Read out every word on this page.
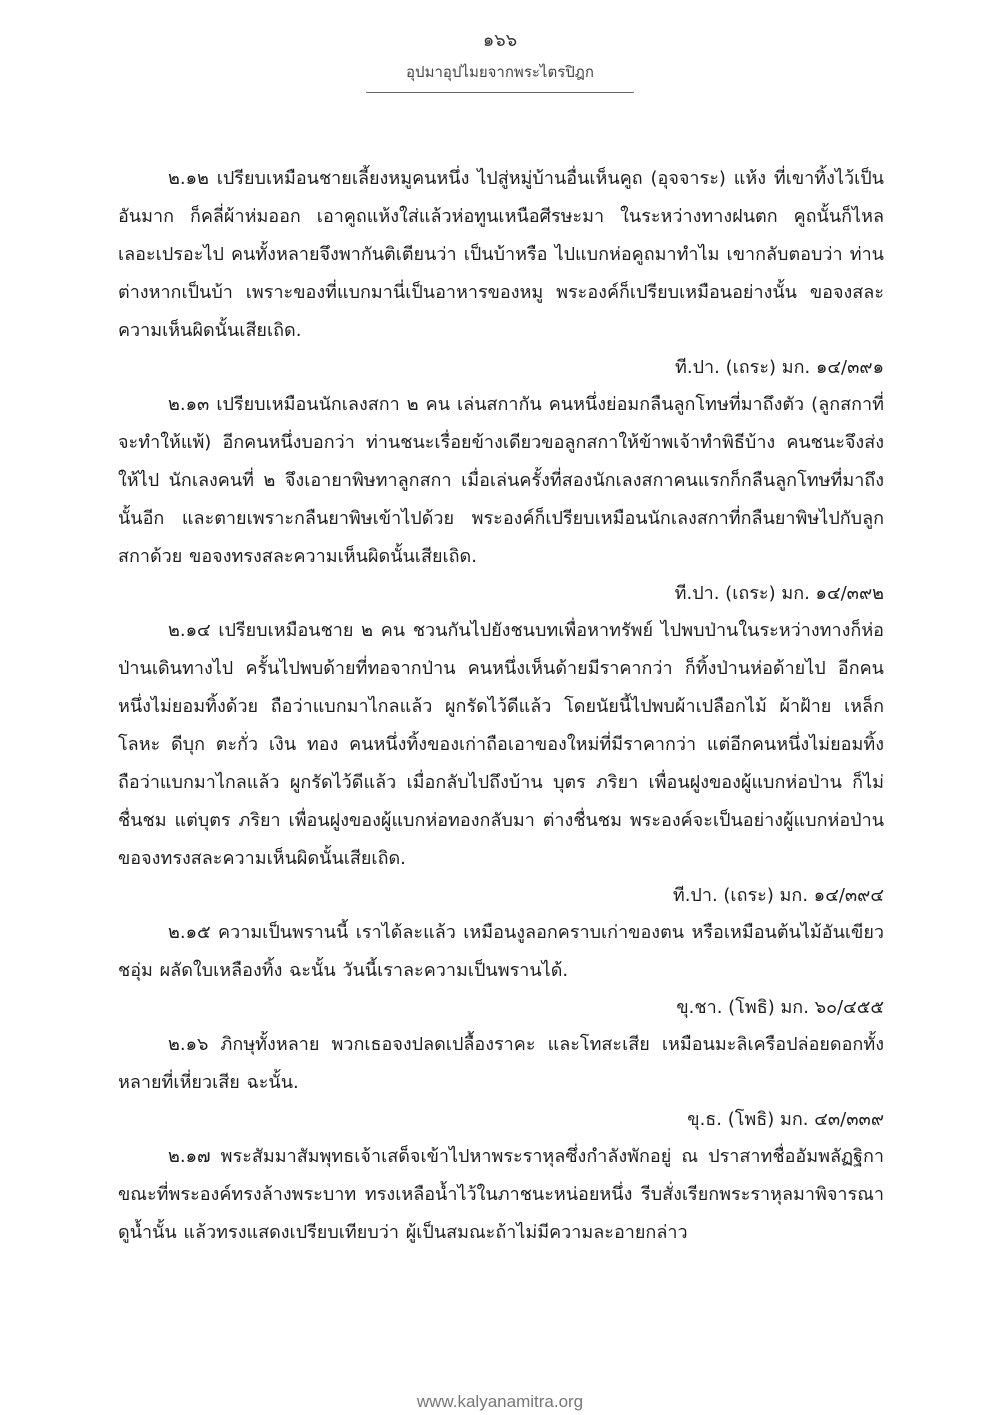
๑๖๖
อุปมาอุปไมยจากพระไตรปิฎก

๒.๑๒ เปรียบเหมือนชายเลี้ยงหมูคนหนึ่ง ไปสู่หมู่บ้านอื่นเห็นคูถ (อุจจาระ) แห้ง ที่เขาทิ้งไว้เป็นอันมาก ก็คลี่ผ้าห่มออก เอาคูถแห้งใส่แล้วห่อทูนเหนือศีรษะมา ในระหว่างทางฝนตก คูถนั้นก็ไหลเลอะเปรอะไป คนทั้งหลายจึงพากันติเตียนว่า เป็นบ้าหรือ ไปแบกห่อคูถมาทำไม เขากลับตอบว่า ท่านต่างหากเป็นบ้า เพราะของที่แบกมานี่เป็นอาหารของหมู พระองค์ก็เปรียบเหมือนอย่างนั้น ขอจงสละความเห็นผิดนั้นเสียเถิด.

ที.ปา. (เถระ) มก. ๑๔/๓๙๑

๒.๑๓ เปรียบเหมือนนักเลงสกา ๒ คน เล่นสกากัน คนหนึ่งย่อมกลืนลูกโทษที่มาถึงตัว (ลูกสกาที่จะทำให้แพ้) อีกคนหนึ่งบอกว่า ท่านชนะเรื่อยข้างเดียวขอลูกสกาให้ข้าพเจ้าทำพิธีบ้าง คนชนะจึงส่งให้ไป นักเลงคนที่ ๒ จึงเอายาพิษทาลูกสกา เมื่อเล่นครั้งที่สองนักเลงสกาคนแรกก็กลืนลูกโทษที่มาถึงนั้นอีก และตายเพราะกลืนยาพิษเข้าไปด้วย พระองค์ก็เปรียบเหมือนนักเลงสกาที่กลืนยาพิษไปกับลูกสกาด้วย ขอจงทรงสละความเห็นผิดนั้นเสียเถิด.

ที.ปา. (เถระ) มก. ๑๔/๓๙๒

๒.๑๔ เปรียบเหมือนชาย ๒ คน ชวนกันไปยังชนบทเพื่อหาทรัพย์ ไปพบป่านในระหว่างทางก็ห่อป่านเดินทางไป ครั้นไปพบด้ายที่ทอจากป่าน คนหนึ่งเห็นด้ายมีราคากว่า ก็ทิ้งป่านห่อด้ายไป อีกคนหนึ่งไม่ยอมทิ้งด้วย ถือว่าแบกมาไกลแล้ว ผูกรัดไว้ดีแล้ว โดยนัยนี้ไปพบผ้าเปลือกไม้ ผ้าฝ้าย เหล็ก โลหะ ดีบุก ตะกั่ว เงิน ทอง คนหนึ่งทิ้งของเก่าถือเอาของใหม่ที่มีราคากว่า แต่อีกคนหนึ่งไม่ยอมทิ้งถือว่าแบกมาไกลแล้ว ผูกรัดไว้ดีแล้ว เมื่อกลับไปถึงบ้าน บุตร ภริยา เพื่อนฝูงของผู้แบกห่อป่าน ก็ไม่ชื่นชม แต่บุตร ภริยา เพื่อนฝูงของผู้แบกห่อทองกลับมา ต่างชื่นชม พระองค์จะเป็นอย่างผู้แบกห่อป่าน ขอจงทรงสละความเห็นผิดนั้นเสียเถิด.

ที.ปา. (เถระ) มก. ๑๔/๓๙๔

๒.๑๕ ความเป็นพรานนี้ เราได้ละแล้ว เหมือนงูลอกคราบเก่าของตน หรือเหมือนต้นไม้อันเขียวชอุ่ม ผลัดใบเหลืองทิ้ง ฉะนั้น วันนี้เราละความเป็นพรานได้.

ขุ.ชา. (โพธิ) มก. ๖๐/๔๕๕

๒.๑๖ ภิกษุทั้งหลาย พวกเธอจงปลดเปลื้องราคะ และโทสะเสีย เหมือนมะลิเครือปล่อยดอกทั้งหลายที่เหี่ยวเสีย ฉะนั้น.

ขุ.ธ. (โพธิ) มก. ๔๓/๓๓๙

๒.๑๗ พระสัมมาสัมพุทธเจ้าเสด็จเข้าไปหาพระราหุลซึ่งกำลังพักอยู่ ณ ปราสาทชื่ออัมพลัฏฐิกา ขณะที่พระองค์ทรงล้างพระบาท ทรงเหลือน้ำไว้ในภาชนะหน่อยหนึ่ง รีบสั่งเรียกพระราหุลมาพิจารณาดูน้ำนั้น แล้วทรงแสดงเปรียบเทียบว่า ผู้เป็นสมณะถ้าไม่มีความละอายกล่าว

www.kalyanamitra.org
